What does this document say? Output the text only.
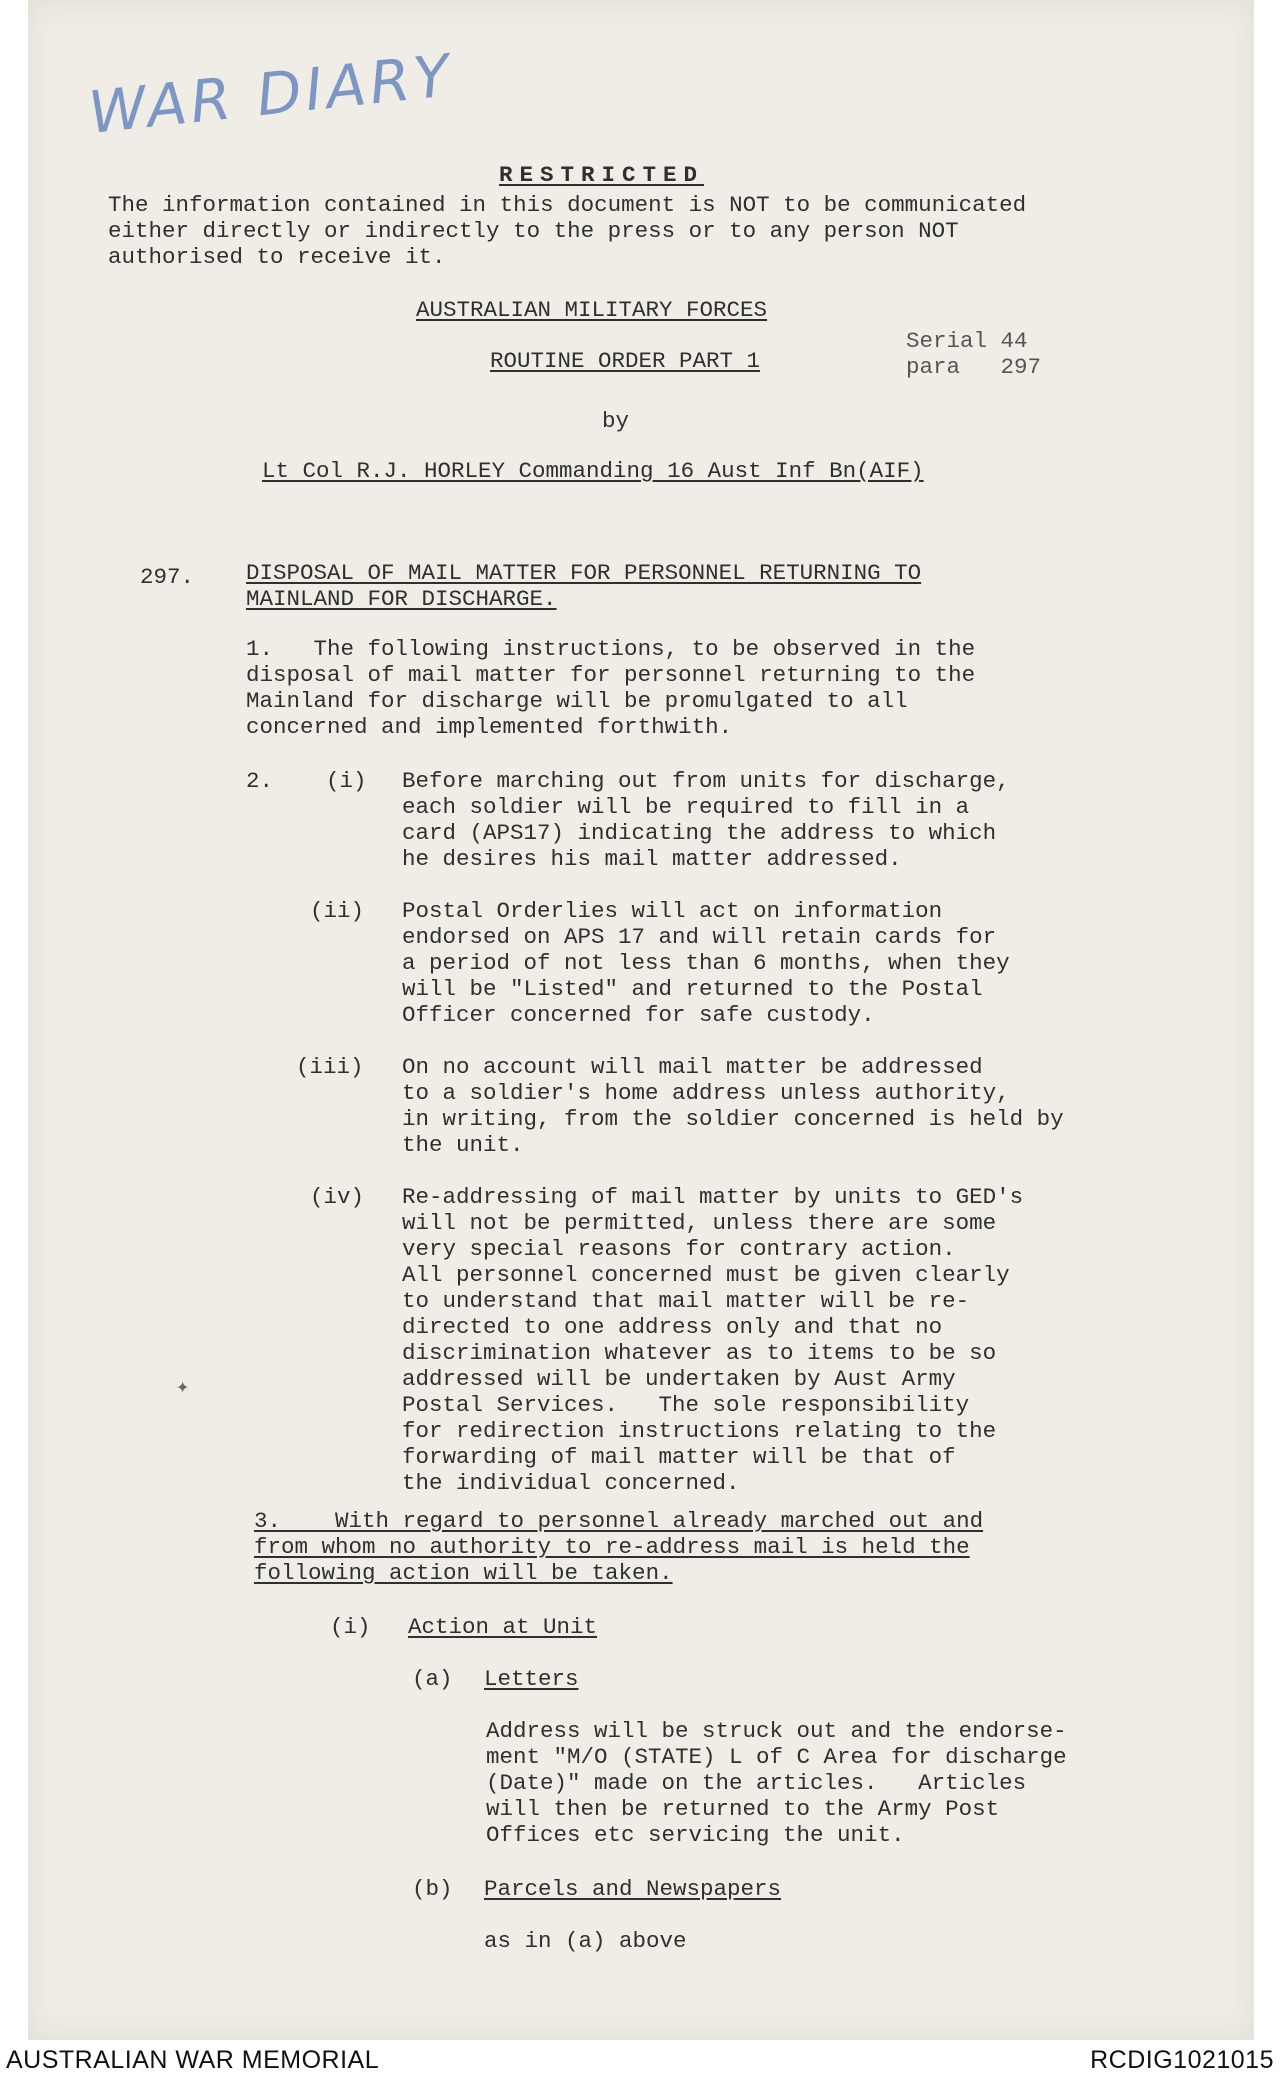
WAR DIARY

RESTRICTED

The information contained in this document is NOT to be communicated
either directly or indirectly to the press or to any person NOT
authorised to receive it.
AUSTRALIAN MILITARY FORCES
ROUTINE ORDER PART 1
Serial 44
para   297
by
Lt Col R.J. HORLEY Commanding 16 Aust Inf Bn(AIF)
297. DISPOSAL OF MAIL MATTER FOR PERSONNEL RETURNING TO
MAINLAND FOR DISCHARGE.
1.   The following instructions, to be observed in the
disposal of mail matter for personnel returning to the
Mainland for discharge will be promulgated to all
concerned and implemented forthwith.
2. (i) Before marching out from units for discharge,
each soldier will be required to fill in a
card (APS17) indicating the address to which
he desires his mail matter addressed.
(ii) Postal Orderlies will act on information
endorsed on APS 17 and will retain cards for
a period of not less than 6 months, when they
will be "Listed" and returned to the Postal
Officer concerned for safe custody.
(iii) On no account will mail matter be addressed
to a soldier's home address unless authority,
in writing, from the soldier concerned is held by
the unit.
(iv) Re-addressing of mail matter by units to GED's
will not be permitted, unless there are some
very special reasons for contrary action.
All personnel concerned must be given clearly
to understand that mail matter will be re-
directed to one address only and that no
discrimination whatever as to items to be so
addressed will be undertaken by Aust Army
Postal Services.   The sole responsibility
for redirection instructions relating to the
forwarding of mail matter will be that of
the individual concerned.
✦
3.    With regard to personnel already marched out and
from whom no authority to re-address mail is held the
following action will be taken.
(i) Action at Unit
(a) Letters
Address will be struck out and the endorse-
ment "M/O (STATE) L of C Area for discharge
(Date)" made on the articles.   Articles
will then be returned to the Army Post
Offices etc servicing the unit.
(b) Parcels and Newspapers
as in (a) above
AUSTRALIAN WAR MEMORIAL	RCDIG1021015
